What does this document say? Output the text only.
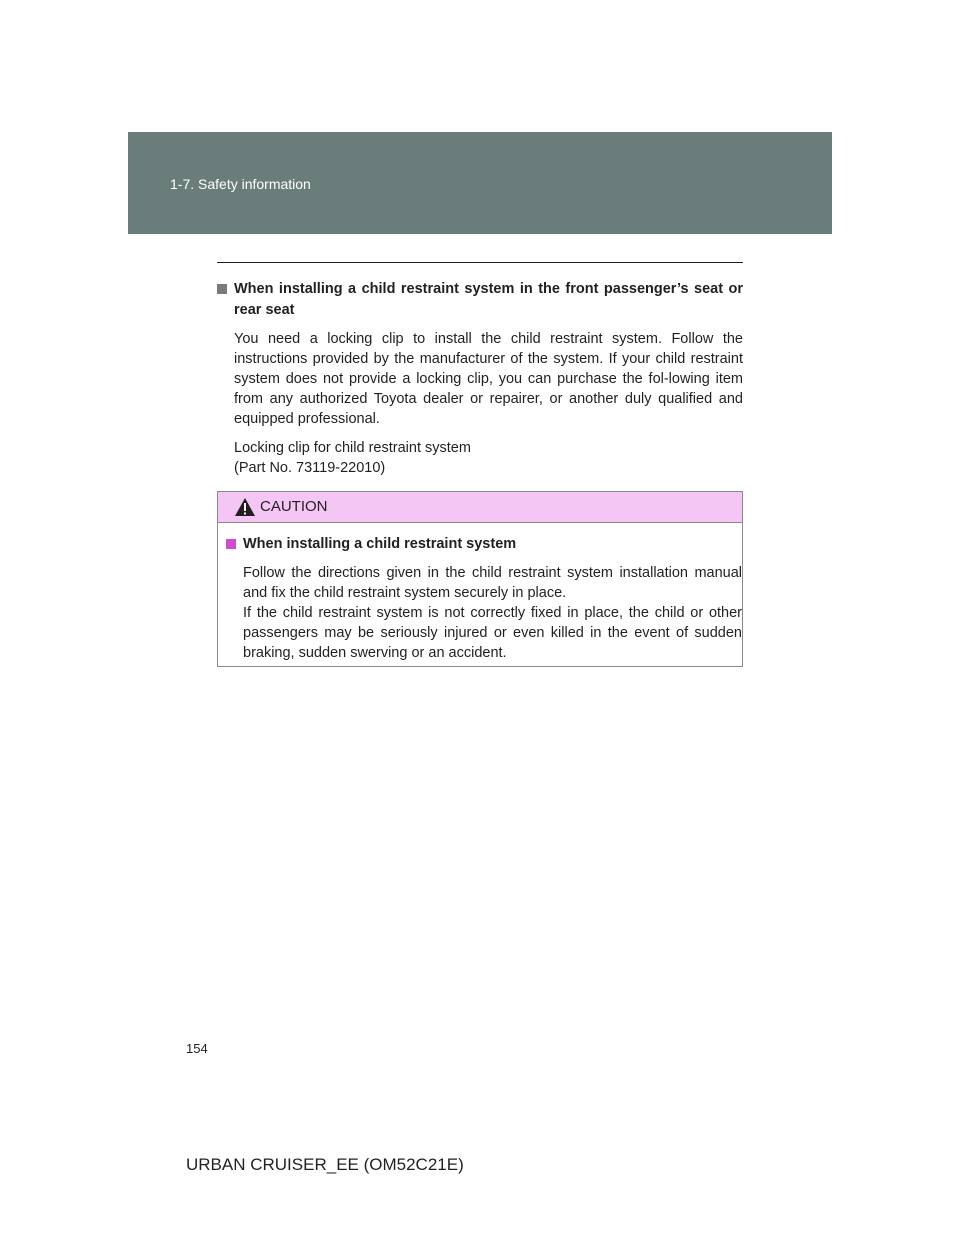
1-7. Safety information
When installing a child restraint system in the front passenger’s seat or rear seat
You need a locking clip to install the child restraint system. Follow the instructions provided by the manufacturer of the system. If your child restraint system does not provide a locking clip, you can purchase the fol-lowing item from any authorized Toyota dealer or repairer, or another duly qualified and equipped professional.
Locking clip for child restraint system
(Part No. 73119-22010)
CAUTION
When installing a child restraint system
Follow the directions given in the child restraint system installation manual and fix the child restraint system securely in place.
If the child restraint system is not correctly fixed in place, the child or other passengers may be seriously injured or even killed in the event of sudden braking, sudden swerving or an accident.
154
URBAN CRUISER_EE (OM52C21E)
